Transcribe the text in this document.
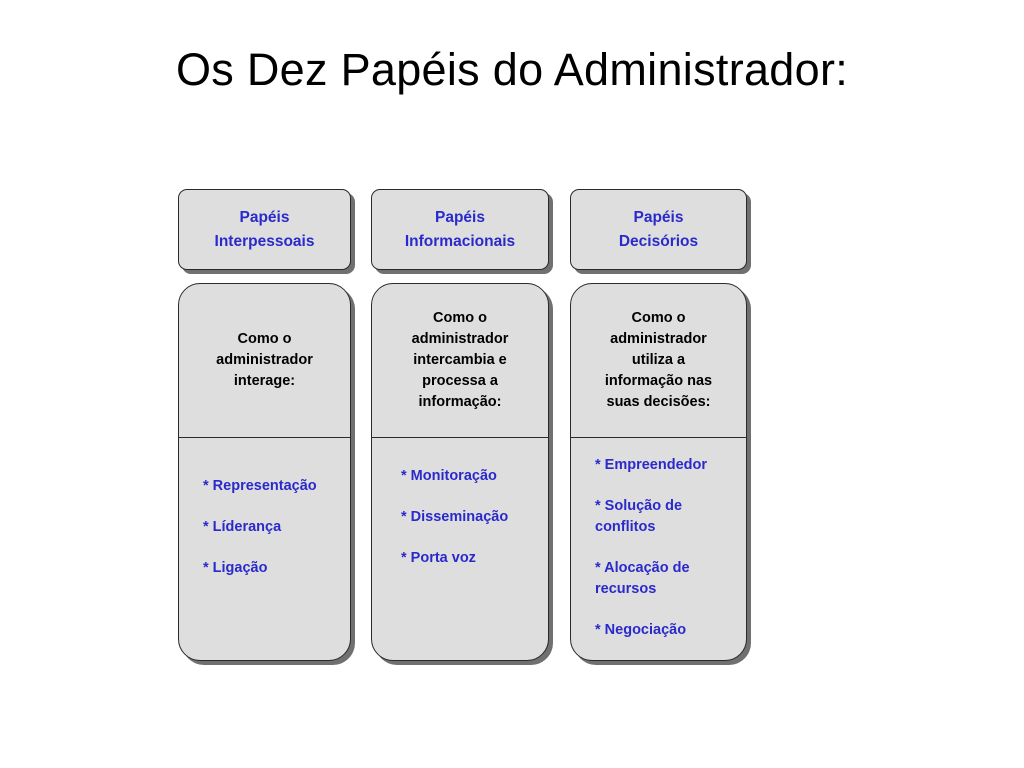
Os Dez Papéis do Administrador:
Papéis
Interpessoais
Como o
administrador
interage:
* Representação
* Líderança
* Ligação
Papéis
Informacionais
Como o
administrador
intercambia e
processa a
informação:
* Monitoração
* Disseminação
* Porta voz
Papéis
Decisórios
Como o
administrador
utiliza a
informação nas
suas decisões:
* Empreendedor
* Solução de
conflitos
* Alocação de
recursos
* Negociação
